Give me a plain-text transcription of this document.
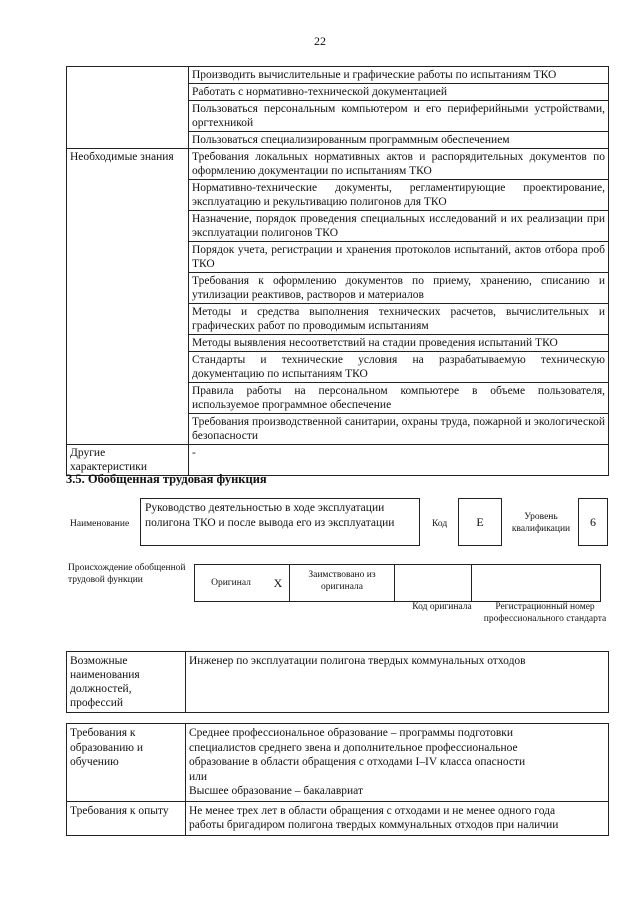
22
	Производить вычислительные и графические работы по испытаниям ТКО
	Работать с нормативно-технической документацией
	Пользоваться персональным компьютером и его периферийными устройствами, оргтехникой
	Пользоваться специализированным программным обеспечением
Необходимые знания	Требования локальных нормативных актов и распорядительных документов по оформлению документации по испытаниям ТКО
	Нормативно-технические документы, регламентирующие проектирование, эксплуатацию и рекультивацию полигонов для ТКО
	Назначение, порядок проведения специальных исследований и их реализации при эксплуатации полигонов ТКО
	Порядок учета, регистрации и хранения протоколов испытаний, актов отбора проб ТКО
	Требования к оформлению документов по приему, хранению, списанию и утилизации реактивов, растворов и материалов
	Методы и средства выполнения технических расчетов, вычислительных и графических работ по проводимым испытаниям
	Методы выявления несоответствий на стадии проведения испытаний ТКО
	Стандарты и технические условия на разрабатываемую техническую документацию по испытаниям ТКО
	Правила работы на персональном компьютере в объеме пользователя, используемое программное обеспечение
	Требования производственной санитарии, охраны труда, пожарной и экологической безопасности
Другие характеристики	-
3.5. Обобщенная трудовая функция
Наименование
Руководство деятельностью в ходе эксплуатации полигона ТКО и после вывода его из эксплуатации	Код	E	Уровень квалификации
6
Происхождение обобщенной трудовой функции	Оригинал	X	Заимствовано из оригинала		
Код оригинала	Регистрационный номер профессионального стандарта
Возможные наименования должностей, профессий	Инженер по эксплуатации полигона твердых коммунальных отходов
Требования к образованию и обучению	Среднее профессиональное образование – программы подготовки
специалистов среднего звена и дополнительное профессиональное
образование в области обращения с отходами I–IV класса опасности
или
Высшее образование – бакалавриат

Требования к опыту	Не менее трех лет в области обращения с отходами и не менее одного года
работы бригадиром полигона твердых коммунальных отходов при наличии
